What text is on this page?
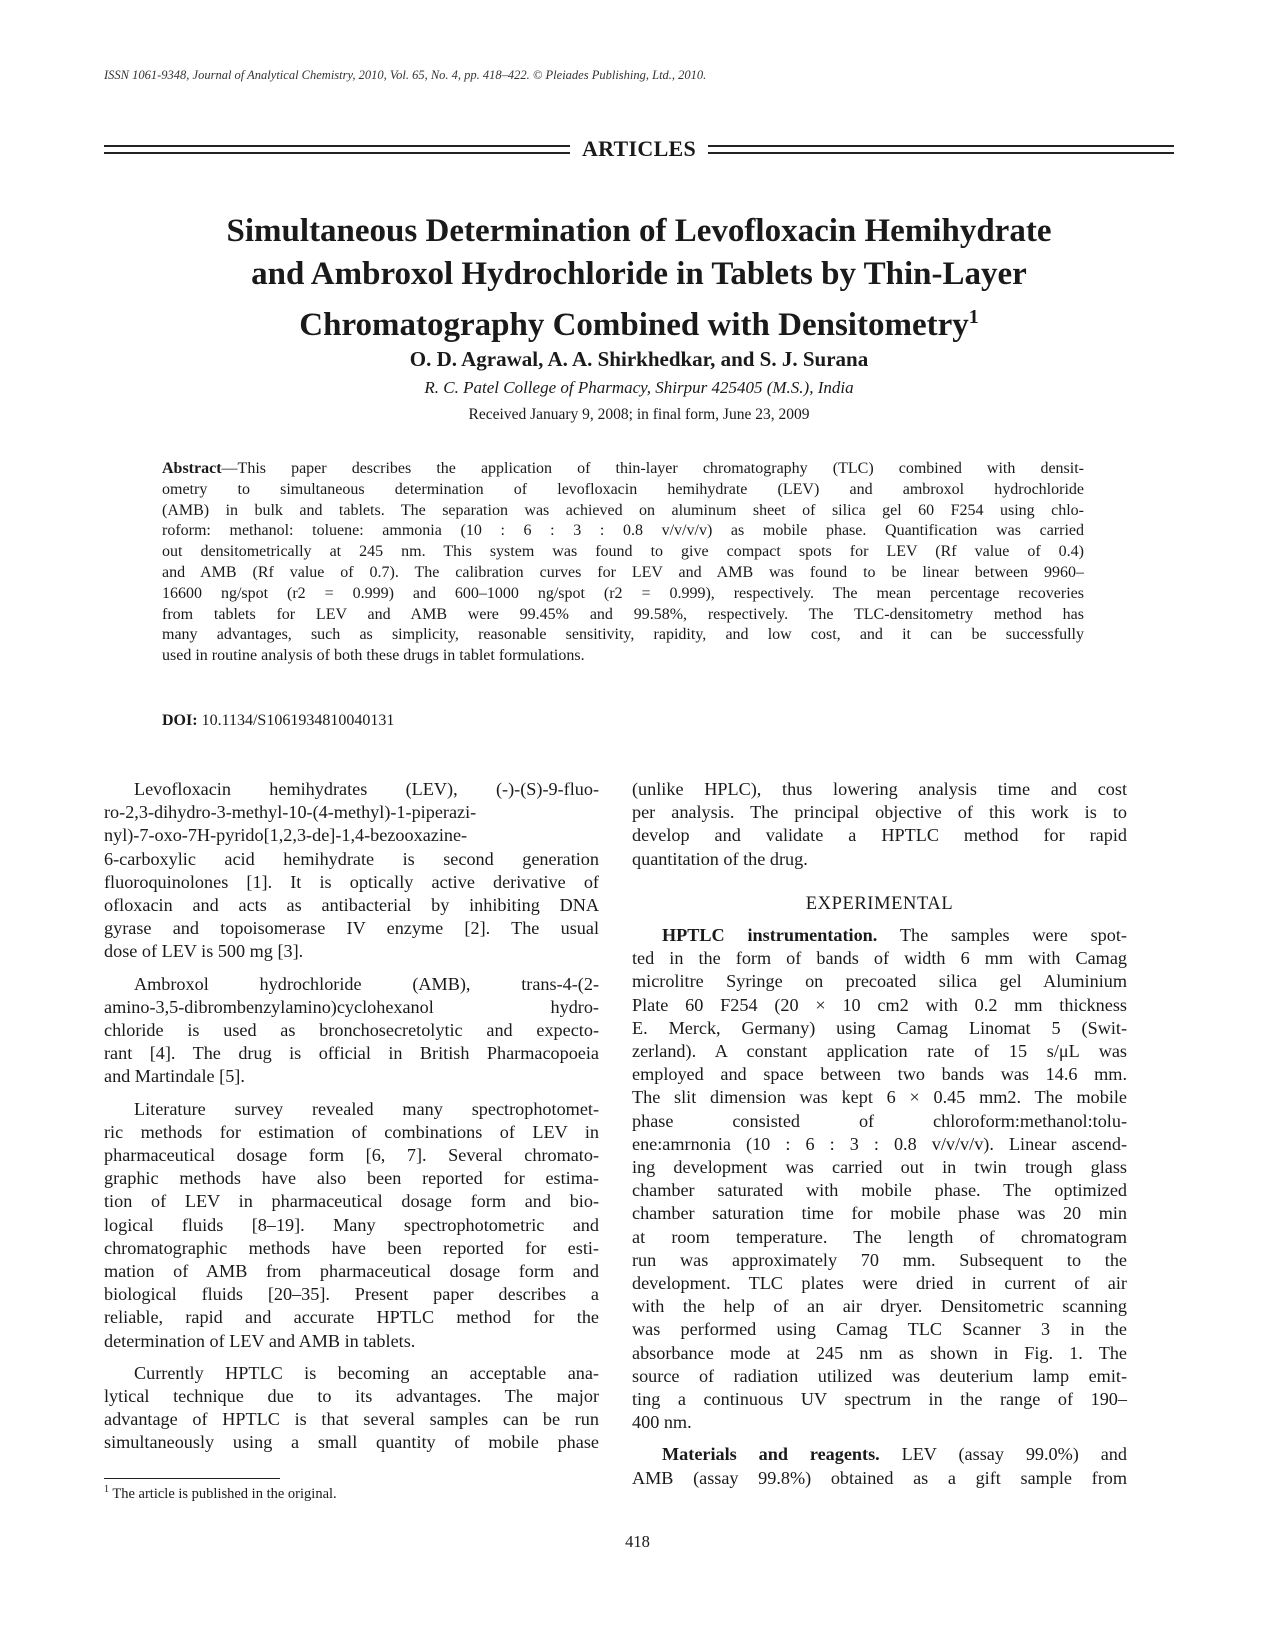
ISSN 1061-9348, Journal of Analytical Chemistry, 2010, Vol. 65, No. 4, pp. 418–422. © Pleiades Publishing, Ltd., 2010.
ARTICLES
Simultaneous Determination of Levofloxacin Hemihydrate
and Ambroxol Hydrochloride in Tablets by Thin-Layer
Chromatography Combined with Densitometry$^1$
O. D. Agrawal, A. A. Shirkhedkar, and S. J. Surana
R. C. Patel College of Pharmacy, Shirpur 425405 (M.S.), India
Received January 9, 2008; in final form, June 23, 2009
Abstract—This paper describes the application of thin-layer chromatography (TLC) combined with densit-
ometry to simultaneous determination of levofloxacin hemihydrate (LEV) and ambroxol hydrochloride
(AMB) in bulk and tablets. The separation was achieved on aluminum sheet of silica gel 60 F254 using chlo-
roform: methanol: toluene: ammonia (10 : 6 : 3 : 0.8 v/v/v/v) as mobile phase. Quantification was carried
out densitometrically at 245 nm. This system was found to give compact spots for LEV (Rf value of 0.4)
and AMB (Rf value of 0.7). The calibration curves for LEV and AMB was found to be linear between 9960–
16600 ng/spot (r2 = 0.999) and 600–1000 ng/spot (r2 = 0.999), respectively. The mean percentage recoveries
from tablets for LEV and AMB were 99.45% and 99.58%, respectively. The TLC-densitometry method has
many advantages, such as simplicity, reasonable sensitivity, rapidity, and low cost, and it can be successfully
used in routine analysis of both these drugs in tablet formulations.
DOI: 10.1134/S1061934810040131
Levofloxacin hemihydrates (LEV), (-)-(S)-9-fluo-
ro-2,3-dihydro-3-methyl-10-(4-methyl)-1-piperazi-
nyl)-7-oxo-7H-pyrido[1,2,3-de]-1,4-bezooxazine-
6-carboxylic acid hemihydrate is second generation
fluoroquinolones [1]. It is optically active derivative of
ofloxacin and acts as antibacterial by inhibiting DNA
gyrase and topoisomerase IV enzyme [2]. The usual
dose of LEV is 500 mg [3].
Ambroxol hydrochloride (AMB), trans-4-(2-
amino-3,5-dibrombenzylamino)cyclohexanol hydro-
chloride is used as bronchosecretolytic and expecto-
rant [4]. The drug is official in British Pharmacopoeia
and Martindale [5].
Literature survey revealed many spectrophotomet-
ric methods for estimation of combinations of LEV in
pharmaceutical dosage form [6, 7]. Several chromato-
graphic methods have also been reported for estima-
tion of LEV in pharmaceutical dosage form and bio-
logical fluids [8–19]. Many spectrophotometric and
chromatographic methods have been reported for esti-
mation of AMB from pharmaceutical dosage form and
biological fluids [20–35]. Present paper describes a
reliable, rapid and accurate HPTLC method for the
determination of LEV and AMB in tablets.
Currently HPTLC is becoming an acceptable ana-
lytical technique due to its advantages. The major
advantage of HPTLC is that several samples can be run
simultaneously using a small quantity of mobile phase
(unlike HPLC), thus lowering analysis time and cost
per analysis. The principal objective of this work is to
develop and validate a HPTLC method for rapid
quantitation of the drug.
EXPERIMENTAL
HPTLC instrumentation. The samples were spot-
ted in the form of bands of width 6 mm with Camag
microlitre Syringe on precoated silica gel Aluminium
Plate 60 F254 (20 × 10 cm2 with 0.2 mm thickness
E. Merck, Germany) using Camag Linomat 5 (Swit-
zerland). A constant application rate of 15 s/μL was
employed and space between two bands was 14.6 mm.
The slit dimension was kept 6 × 0.45 mm2. The mobile
phase consisted of chloroform:methanol:tolu-
ene:amrnonia (10 : 6 : 3 : 0.8 v/v/v/v). Linear ascend-
ing development was carried out in twin trough glass
chamber saturated with mobile phase. The optimized
chamber saturation time for mobile phase was 20 min
at room temperature. The length of chromatogram
run was approximately 70 mm. Subsequent to the
development. TLC plates were dried in current of air
with the help of an air dryer. Densitometric scanning
was performed using Camag TLC Scanner 3 in the
absorbance mode at 245 nm as shown in Fig. 1. The
source of radiation utilized was deuterium lamp emit-
ting a continuous UV spectrum in the range of 190–
400 nm.
Materials and reagents. LEV (assay 99.0%) and
AMB (assay 99.8%) obtained as a gift sample from
$^1$ The article is published in the original.
418
